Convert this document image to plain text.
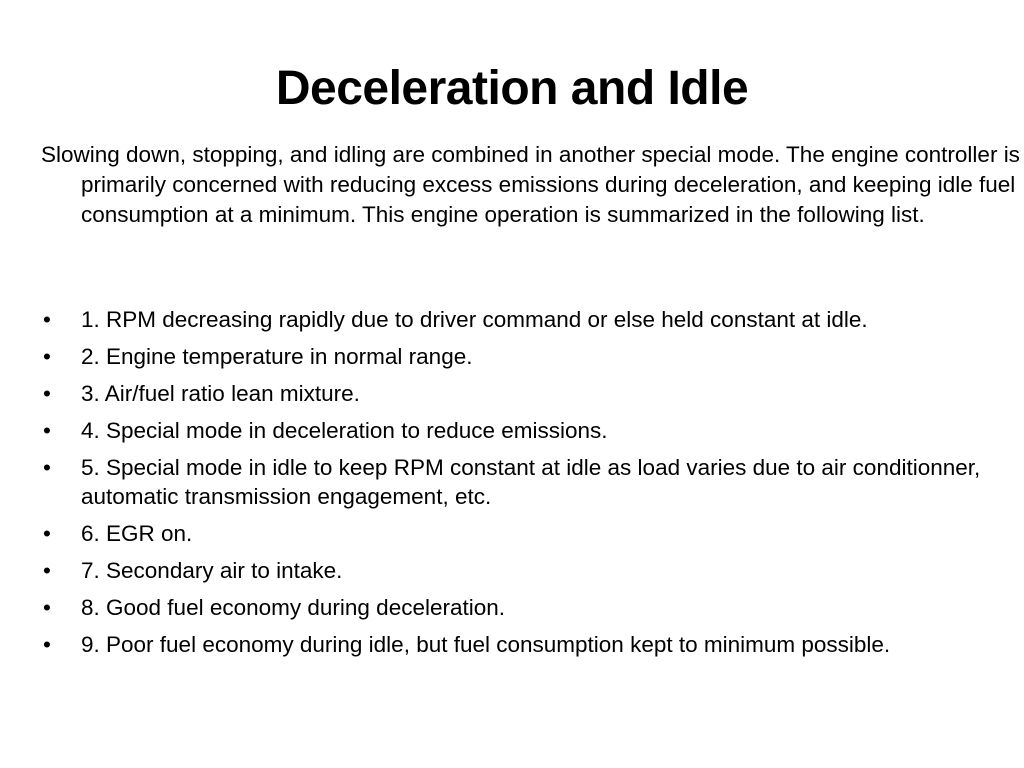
Deceleration and Idle

Slowing down, stopping, and idling are combined in another special mode. The engine controller is primarily concerned with reducing excess emissions during deceleration, and keeping idle fuel consumption at a minimum. This engine operation is summarized in the following list.

•	1. RPM decreasing rapidly due to driver command or else held constant at idle.
•	2. Engine temperature in normal range.
•	3. Air/fuel ratio lean mixture.
•	4. Special mode in deceleration to reduce emissions.
•	5. Special mode in idle to keep RPM constant at idle as load varies due to air conditionner, automatic transmission engagement, etc.
•	6. EGR on.
•	7. Secondary air to intake.
•	8. Good fuel economy during deceleration.
•	9. Poor fuel economy during idle, but fuel consumption kept to minimum possible.
